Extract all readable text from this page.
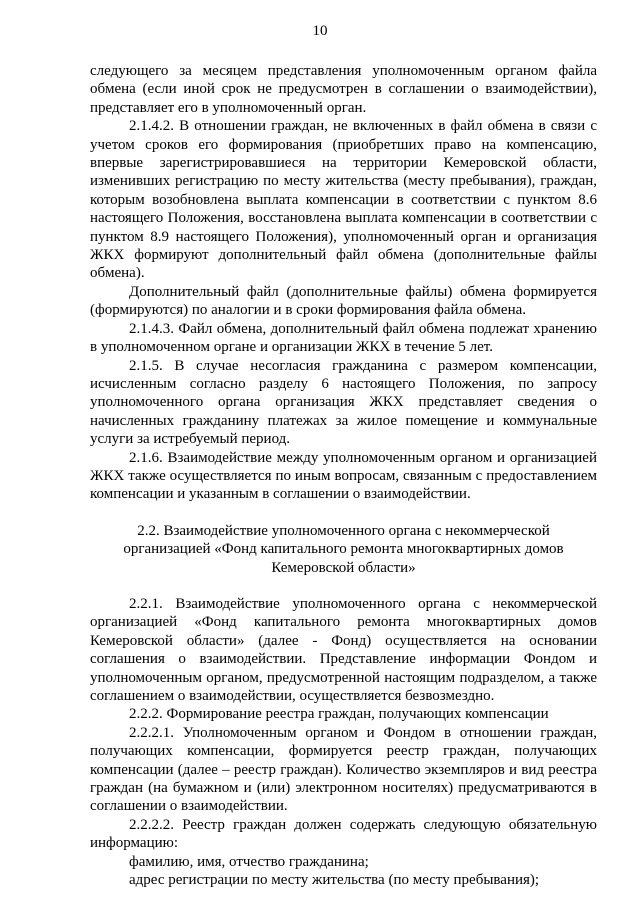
10

следующего за месяцем представления уполномоченным органом файла обмена (если иной срок не предусмотрен в соглашении о взаимодействии), представляет его в уполномоченный орган.

2.1.4.2. В отношении граждан, не включенных в файл обмена в связи с учетом сроков его формирования (приобретших право на компенсацию, впервые зарегистрировавшиеся на территории Кемеровской области, изменивших регистрацию по месту жительства (месту пребывания), граждан, которым возобновлена выплата компенсации в соответствии с пунктом 8.6 настоящего Положения, восстановлена выплата компенсации в соответствии с пунктом 8.9 настоящего Положения), уполномоченный орган и организация ЖКХ формируют дополнительный файл обмена (дополнительные файлы обмена).

Дополнительный файл (дополнительные файлы) обмена формируется (формируются) по аналогии и в сроки формирования файла обмена.

2.1.4.3. Файл обмена, дополнительный файл обмена подлежат хранению в уполномоченном органе и организации ЖКХ в течение 5 лет.

2.1.5. В случае несогласия гражданина с размером компенсации, исчисленным согласно разделу 6 настоящего Положения, по запросу уполномоченного органа организация ЖКХ представляет сведения о начисленных гражданину платежах за жилое помещение и коммунальные услуги за истребуемый период.

2.1.6. Взаимодействие между уполномоченным органом и организацией ЖКХ также осуществляется по иным вопросам, связанным с предоставлением компенсации и указанным в соглашении о взаимодействии.

2.2. Взаимодействие уполномоченного органа с некоммерческой организацией «Фонд капитального ремонта многоквартирных домов Кемеровской области»

2.2.1. Взаимодействие уполномоченного органа с некоммерческой организацией «Фонд капитального ремонта многоквартирных домов Кемеровской области» (далее - Фонд) осуществляется на основании соглашения о взаимодействии. Представление информации Фондом и уполномоченным органом, предусмотренной настоящим подразделом, а также соглашением о взаимодействии, осуществляется безвозмездно.

2.2.2. Формирование реестра граждан, получающих компенсации

2.2.2.1. Уполномоченным органом и Фондом в отношении граждан, получающих компенсации, формируется реестр граждан, получающих компенсации (далее – реестр граждан). Количество экземпляров и вид реестра граждан (на бумажном и (или) электронном носителях) предусматриваются в соглашении о взаимодействии.

2.2.2.2. Реестр граждан должен содержать следующую обязательную информацию:

фамилию, имя, отчество гражданина;

адрес регистрации по месту жительства (по месту пребывания);
